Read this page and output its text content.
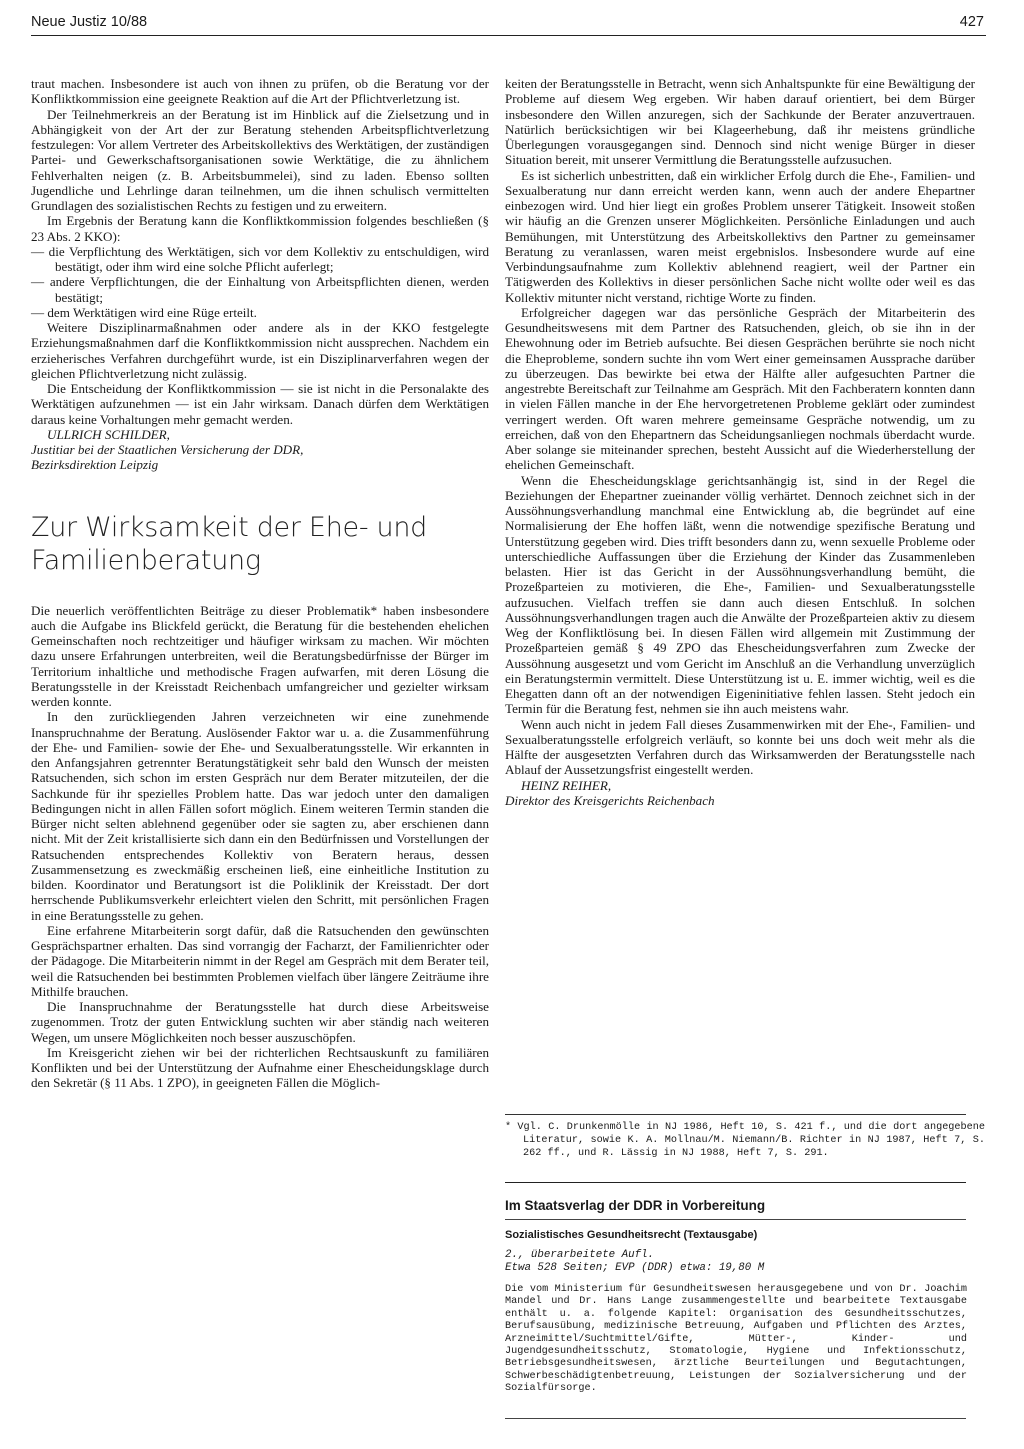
Neue Justiz 10/88	427

traut machen. Insbesondere ist auch von ihnen zu prüfen, ob die Beratung vor der Konfliktkommission eine geeignete Reaktion auf die Art der Pflichtverletzung ist.

Der Teilnehmerkreis an der Beratung ist im Hinblick auf die Zielsetzung und in Abhängigkeit von der Art der zur Beratung stehenden Arbeitspflichtverletzung festzulegen: Vor allem Vertreter des Arbeitskollektivs des Werktätigen, der zuständigen Partei- und Gewerkschaftsorganisationen sowie Werktätige, die zu ähnlichem Fehlverhalten neigen (z. B. Arbeitsbummelei), sind zu laden. Ebenso sollten Jugendliche und Lehrlinge daran teilnehmen, um die ihnen schulisch vermittelten Grundlagen des sozialistischen Rechts zu festigen und zu erweitern.

Im Ergebnis der Beratung kann die Konfliktkommission folgendes beschließen (§ 23 Abs. 2 KKO):

— die Verpflichtung des Werktätigen, sich vor dem Kollektiv zu entschuldigen, wird bestätigt, oder ihm wird eine solche Pflicht auferlegt;

— andere Verpflichtungen, die der Einhaltung von Arbeitspflichten dienen, werden bestätigt;

— dem Werktätigen wird eine Rüge erteilt.

Weitere Disziplinarmaßnahmen oder andere als in der KKO festgelegte Erziehungsmaßnahmen darf die Konfliktkommission nicht aussprechen. Nachdem ein erzieherisches Verfahren durchgeführt wurde, ist ein Disziplinarverfahren wegen der gleichen Pflichtverletzung nicht zulässig.

Die Entscheidung der Konfliktkommission — sie ist nicht in die Personalakte des Werktätigen aufzunehmen — ist ein Jahr wirksam. Danach dürfen dem Werktätigen daraus keine Vorhaltungen mehr gemacht werden.

ULLRICH SCHILDER,

Justitiar bei der Staatlichen Versicherung der DDR,

Bezirksdirektion Leipzig

Zur Wirksamkeit der Ehe- und
Familienberatung

Die neuerlich veröffentlichten Beiträge zu dieser Problematik* haben insbesondere auch die Aufgabe ins Blickfeld gerückt, die Beratung für die bestehenden ehelichen Gemeinschaften noch rechtzeitiger und häufiger wirksam zu machen. Wir möchten dazu unsere Erfahrungen unterbreiten, weil die Beratungsbedürfnisse der Bürger im Territorium inhaltliche und methodische Fragen aufwarfen, mit deren Lösung die Beratungsstelle in der Kreisstadt Reichenbach umfangreicher und gezielter wirksam werden konnte.

In den zurückliegenden Jahren verzeichneten wir eine zunehmende Inanspruchnahme der Beratung. Auslösender Faktor war u. a. die Zusammenführung der Ehe- und Familien- sowie der Ehe- und Sexualberatungsstelle. Wir erkannten in den Anfangsjahren getrennter Beratungstätigkeit sehr bald den Wunsch der meisten Ratsuchenden, sich schon im ersten Gespräch nur dem Berater mitzuteilen, der die Sachkunde für ihr spezielles Problem hatte. Das war jedoch unter den damaligen Bedingungen nicht in allen Fällen sofort möglich. Einem weiteren Termin standen die Bürger nicht selten ablehnend gegenüber oder sie sagten zu, aber erschienen dann nicht. Mit der Zeit kristallisierte sich dann ein den Bedürfnissen und Vorstellungen der Ratsuchenden entsprechendes Kollektiv von Beratern heraus, dessen Zusammensetzung es zweckmäßig erscheinen ließ, eine einheitliche Institution zu bilden. Koordinator und Beratungsort ist die Poliklinik der Kreisstadt. Der dort herrschende Publikumsverkehr erleichtert vielen den Schritt, mit persönlichen Fragen in eine Beratungsstelle zu gehen.

Eine erfahrene Mitarbeiterin sorgt dafür, daß die Ratsuchenden den gewünschten Gesprächspartner erhalten. Das sind vorrangig der Facharzt, der Familienrichter oder der Pädagoge. Die Mitarbeiterin nimmt in der Regel am Gespräch mit dem Berater teil, weil die Ratsuchenden bei bestimmten Problemen vielfach über längere Zeiträume ihre Mithilfe brauchen.

Die Inanspruchnahme der Beratungsstelle hat durch diese Arbeitsweise zugenommen. Trotz der guten Entwicklung suchten wir aber ständig nach weiteren Wegen, um unsere Möglichkeiten noch besser auszuschöpfen.

Im Kreisgericht ziehen wir bei der richterlichen Rechtsauskunft zu familiären Konflikten und bei der Unterstützung der Aufnahme einer Ehescheidungsklage durch den Sekretär (§ 11 Abs. 1 ZPO), in geeigneten Fällen die Möglich-

keiten der Beratungsstelle in Betracht, wenn sich Anhaltspunkte für eine Bewältigung der Probleme auf diesem Weg ergeben. Wir haben darauf orientiert, bei dem Bürger insbesondere den Willen anzuregen, sich der Sachkunde der Berater anzuvertrauen. Natürlich berücksichtigen wir bei Klageerhebung, daß ihr meistens gründliche Überlegungen vorausgegangen sind. Dennoch sind nicht wenige Bürger in dieser Situation bereit, mit unserer Vermittlung die Beratungsstelle aufzusuchen.

Es ist sicherlich unbestritten, daß ein wirklicher Erfolg durch die Ehe-, Familien- und Sexualberatung nur dann erreicht werden kann, wenn auch der andere Ehepartner einbezogen wird. Und hier liegt ein großes Problem unserer Tätigkeit. Insoweit stoßen wir häufig an die Grenzen unserer Möglichkeiten. Persönliche Einladungen und auch Bemühungen, mit Unterstützung des Arbeitskollektivs den Partner zu gemeinsamer Beratung zu veranlassen, waren meist ergebnislos. Insbesondere wurde auf eine Verbindungsaufnahme zum Kollektiv ablehnend reagiert, weil der Partner ein Tätigwerden des Kollektivs in dieser persönlichen Sache nicht wollte oder weil es das Kollektiv mitunter nicht verstand, richtige Worte zu finden.

Erfolgreicher dagegen war das persönliche Gespräch der Mitarbeiterin des Gesundheitswesens mit dem Partner des Ratsuchenden, gleich, ob sie ihn in der Ehewohnung oder im Betrieb aufsuchte. Bei diesen Gesprächen berührte sie noch nicht die Eheprobleme, sondern suchte ihn vom Wert einer gemeinsamen Aussprache darüber zu überzeugen. Das bewirkte bei etwa der Hälfte aller aufgesuchten Partner die angestrebte Bereitschaft zur Teilnahme am Gespräch. Mit den Fachberatern konnten dann in vielen Fällen manche in der Ehe hervorgetretenen Probleme geklärt oder zumindest verringert werden. Oft waren mehrere gemeinsame Gespräche notwendig, um zu erreichen, daß von den Ehepartnern das Scheidungsanliegen nochmals überdacht wurde. Aber solange sie miteinander sprechen, besteht Aussicht auf die Wiederherstellung der ehelichen Gemeinschaft.

Wenn die Ehescheidungsklage gerichtsanhängig ist, sind in der Regel die Beziehungen der Ehepartner zueinander völlig verhärtet. Dennoch zeichnet sich in der Aussöhnungsverhandlung manchmal eine Entwicklung ab, die begründet auf eine Normalisierung der Ehe hoffen läßt, wenn die notwendige spezifische Beratung und Unterstützung gegeben wird. Dies trifft besonders dann zu, wenn sexuelle Probleme oder unterschiedliche Auffassungen über die Erziehung der Kinder das Zusammenleben belasten. Hier ist das Gericht in der Aussöhnungsverhandlung bemüht, die Prozeßparteien zu motivieren, die Ehe-, Familien- und Sexualberatungsstelle aufzusuchen. Vielfach treffen sie dann auch diesen Entschluß. In solchen Aussöhnungsverhandlungen tragen auch die Anwälte der Prozeßparteien aktiv zu diesem Weg der Konfliktlösung bei. In diesen Fällen wird allgemein mit Zustimmung der Prozeßparteien gemäß § 49 ZPO das Ehescheidungsverfahren zum Zwecke der Aussöhnung ausgesetzt und vom Gericht im Anschluß an die Verhandlung unverzüglich ein Beratungstermin vermittelt. Diese Unterstützung ist u. E. immer wichtig, weil es die Ehegatten dann oft an der notwendigen Eigeninitiative fehlen lassen. Steht jedoch ein Termin für die Beratung fest, nehmen sie ihn auch meistens wahr.

Wenn auch nicht in jedem Fall dieses Zusammenwirken mit der Ehe-, Familien- und Sexualberatungsstelle erfolgreich verläuft, so konnte bei uns doch weit mehr als die Hälfte der ausgesetzten Verfahren durch das Wirksamwerden der Beratungsstelle nach Ablauf der Aussetzungsfrist eingestellt werden.

HEINZ REIHER,

Direktor des Kreisgerichts Reichenbach

* Vgl. C. Drunkenmölle in NJ 1986, Heft 10, S. 421 f., und die dort angegebene Literatur, sowie K. A. Mollnau/M. Niemann/B. Richter in NJ 1987, Heft 7, S. 262 ff., und R. Lässig in NJ 1988, Heft 7, S. 291.
Im Staatsverlag der DDR in Vorbereitung
Sozialistisches Gesundheitsrecht (Textausgabe)
2., überarbeitete Aufl.
Etwa 528 Seiten; EVP (DDR) etwa: 19,80 M
Die vom Ministerium für Gesundheitswesen herausgegebene und von Dr. Joachim Mandel und Dr. Hans Lange zusammengestellte und bearbeitete Textausgabe enthält u. a. folgende Kapitel: Organisation des Gesundheitsschutzes, Berufsausübung, medizinische Betreuung, Aufgaben und Pflichten des Arztes, Arzneimittel/Suchtmittel/Gifte, Mütter-, Kinder- und Jugendgesundheitsschutz, Stomatologie, Hygiene und Infektionsschutz, Betriebsgesundheitswesen, ärztliche Beurteilungen und Begutachtungen, Schwerbeschädigtenbetreuung, Leistungen der Sozialversicherung und der Sozialfürsorge.
